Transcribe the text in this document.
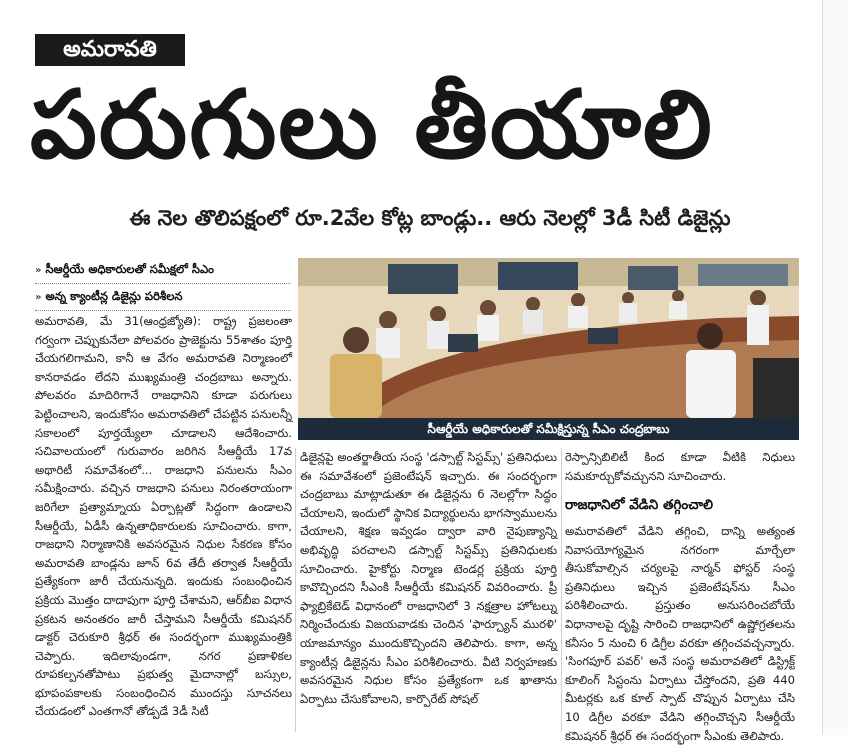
అమరావతి
పరుగులు తీయాలి
ఈ నెల తొలిపక్షంలో రూ.2వేల కోట్ల బాండ్లు.. ఆరు నెలల్లో 3డీ సిటీ డిజైన్లు
» సీఆర్డీయే అధికారులతో సమీక్షలో సీఎం
» అన్న క్యాంటీన్ల డిజైన్లు పరిశీలన

అమరావతి, మే 31(ఆంధ్రజ్యోతి): రాష్ట్ర ప్రజలంతా గర్వంగా చెప్పుకునేలా పోలవరం ప్రాజెక్టును 55శాతం పూర్తి చేయగలిగామని, కానీ ఆ వేగం అమరావతి నిర్మాణంలో కానరావడం లేదని ముఖ్యమంత్రి చంద్రబాబు అన్నారు. పోలవరం మాదిరిగానే రాజధానిని కూడా పరుగులు పెట్టించాలని, ఇందుకోసం అమరావతిలో చేపట్టిన పనులన్నీ సకాలంలో పూర్తయ్యేలా చూడాలని ఆదేశించారు. సచివాలయంలో గురువారం జరిగిన సీఆర్డీయే 17వ అథారిటీ సమావేశంలో... రాజధాని పనులను సీఎం సమీక్షించారు. వచ్చిన రాజధాని పనులు నిరంతరాయంగా జరిగేలా ప్రత్యామ్నాయ ఏర్పాట్లతో సిద్ధంగా ఉండాలని సీఆర్డీయే, ఏడీసీ ఉన్నతాధికారులకు సూచించారు. కాగా, రాజధాని నిర్మాణానికి అవసరమైన నిధుల సేకరణ కోసం అమరావతి బాండ్లను జూన్ 6వ తేదీ తర్వాత సీఆర్డీయే ప్రత్యేకంగా జారీ చేయనున్నది. ఇందుకు సంబంధించిన ప్రక్రియ మొత్తం దాదాపుగా పూర్తి చేశామని, ఆర్‌బీఐ విధాన ప్రకటన అనంతరం జారీ చేస్తామని సీఆర్డీయే కమిషనర్ డాక్టర్ చెరుకూరి శ్రీధర్ ఈ సందర్భంగా ముఖ్యమంత్రికి చెప్పారు. ఇదిలావుండగా, నగర ప్రణాళికల రూపకల్పనతోపాటు ప్రభుత్వ మైదానాల్లో బస్సుల, భూపంపకాలకు సంబంధించిన ముందస్తు సూచనలు చేయడంలో ఎంతగానో తోడ్పడే 3డీ సిటీ

సీఆర్డీయే అధికారులతో సమీక్షిస్తున్న సీఎం చంద్రబాబు

డిజైన్లపై అంతర్జాతీయ సంస్థ 'డస్సాల్ట్ సిస్టమ్స్' ప్రతినిధులు ఈ సమావేశంలో ప్రజెంటేషన్ ఇచ్చారు. ఈ సందర్భంగా చంద్రబాబు మాట్లాడుతూ ఈ డిజైన్లను 6 నెలల్లోగా సిద్ధం చేయాలని, ఇందులో స్థానిక విద్యార్థులను భాగస్వాములను చేయాలని, శిక్షణ ఇవ్వడం ద్వారా వారి నైపుణ్యాన్ని అభివృద్ధి పరచాలని డస్సాల్ట్ సిస్టమ్స్ ప్రతినిధులకు సూచించారు. హైకోర్టు నిర్మాణ టెండర్ల ప్రక్రియ పూర్తి కావొచ్చిందని సీఎంకి సీఆర్డీయే కమిషనర్ వివరించారు. ప్రీ ఫ్యాబ్రికేటెడ్ విధానంలో రాజధానిలో 3 నక్షత్రాల హోటల్ను నిర్మించేందుకు విజయవాడకు చెందిన 'ఫార్చ్యూన్ మురళి' యాజమాన్యం ముందుకొచ్చిందని తెలిపారు. కాగా, అన్న క్యాంటీన్ల డిజైన్లను సీఎం పరిశీలించారు. వీటి నిర్వహణకు అవసరమైన నిధుల కోసం ప్రత్యేకంగా ఒక ఖాతాను ఏర్పాటు చేసుకోవాలని, కార్పొరేట్ సోషల్

రెస్పాన్సిబిలిటీ కింద కూడా వీటికి నిధులు సమకూర్చుకోవచ్చునని సూచించారు.

రాజధానిలో వేడిని తగ్గించాలి

అమరావతిలో వేడిని తగ్గించి, దాన్ని అత్యంత నివాసయోగ్యమైన నగరంగా మార్చేలా తీసుకోవాల్సిన చర్యలపై నార్మన్ ఫోస్టర్ సంస్థ ప్రతినిధులు ఇచ్చిన ప్రజెంటేషన్‌ను సీఎం పరిశీలించారు. ప్రస్తుతం అనుసరించబోయే విధానాలపై దృష్టి సారించి రాజధానిలో ఉష్ణోగ్రతలను కనీసం 5 నుంచి 6 డిగ్రీల వరకూ తగ్గించవచ్చన్నారు. 'సింగపూర్ పవర్' అనే సంస్థ అమరావతిలో డిస్ట్రిక్ట్ కూలింగ్ సిస్టంను ఏర్పాటు చేస్తోందని, ప్రతి 440 మీటర్లకు ఒక కూల్ స్పాట్ చొప్పున ఏర్పాటు చేసి 10 డిగ్రీల వరకూ వేడిని తగ్గించొచ్చని సీఆర్డీయే కమిషనర్ శ్రీధర్ ఈ సందర్భంగా సీఎంకు తెలిపారు.
